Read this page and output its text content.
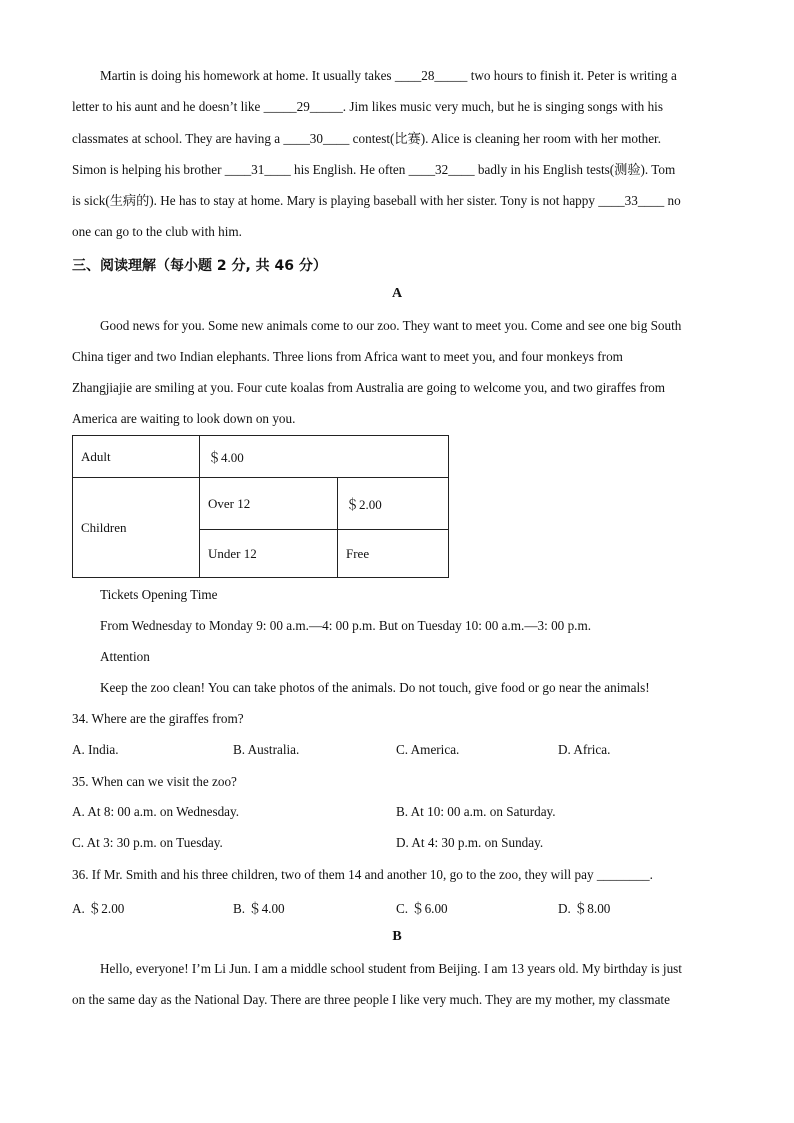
Martin is doing his homework at home. It usually takes ____28_____ two hours to finish it. Peter is writing a
letter to his aunt and he doesn’t like _____29_____. Jim likes music very much, but he is singing songs with his
classmates at school. They are having a ____30____ contest(比赛). Alice is cleaning her room with her mother.
Simon is helping his brother ____31____ his English. He often ____32____ badly in his English tests(测验). Tom
is sick(生病的). He has to stay at home. Mary is playing baseball with her sister. Tony is not happy ____33____ no
one can go to the club with him.
三、阅读理解（每小题 2 分, 共 46 分）
A
Good news for you. Some new animals come to our zoo. They want to meet you. Come and see one big South
China tiger and two Indian elephants. Three lions from Africa want to meet you, and four monkeys from
Zhangjiajie are smiling at you. Four cute koalas from Australia are going to welcome you, and two giraffes from
America are waiting to look down on you.
Adult	＄4.00	
Children	Over 12	＄2.00
	Under 12	Free
Tickets Opening Time
From Wednesday to Monday 9: 00 a.m.—4: 00 p.m. But on Tuesday 10: 00 a.m.—3: 00 p.m.
Attention
Keep the zoo clean! You can take photos of the animals. Do not touch, give food or go near the animals!
34. Where are the giraffes from?
A. India.	B. Australia.	C. America.	D. Africa.
35. When can we visit the zoo?
A. At 8: 00 a.m. on Wednesday.	B. At 10: 00 a.m. on Saturday.
C. At 3: 30 p.m. on Tuesday.	D. At 4: 30 p.m. on Sunday.
36. If Mr. Smith and his three children, two of them 14 and another 10, go to the zoo, they will pay ________.
A. ＄2.00	B. ＄4.00	C. ＄6.00	D. ＄8.00
B
Hello, everyone! I’m Li Jun. I am a middle school student from Beijing. I am 13 years old. My birthday is just
on the same day as the National Day. There are three people I like very much. They are my mother, my classmate
